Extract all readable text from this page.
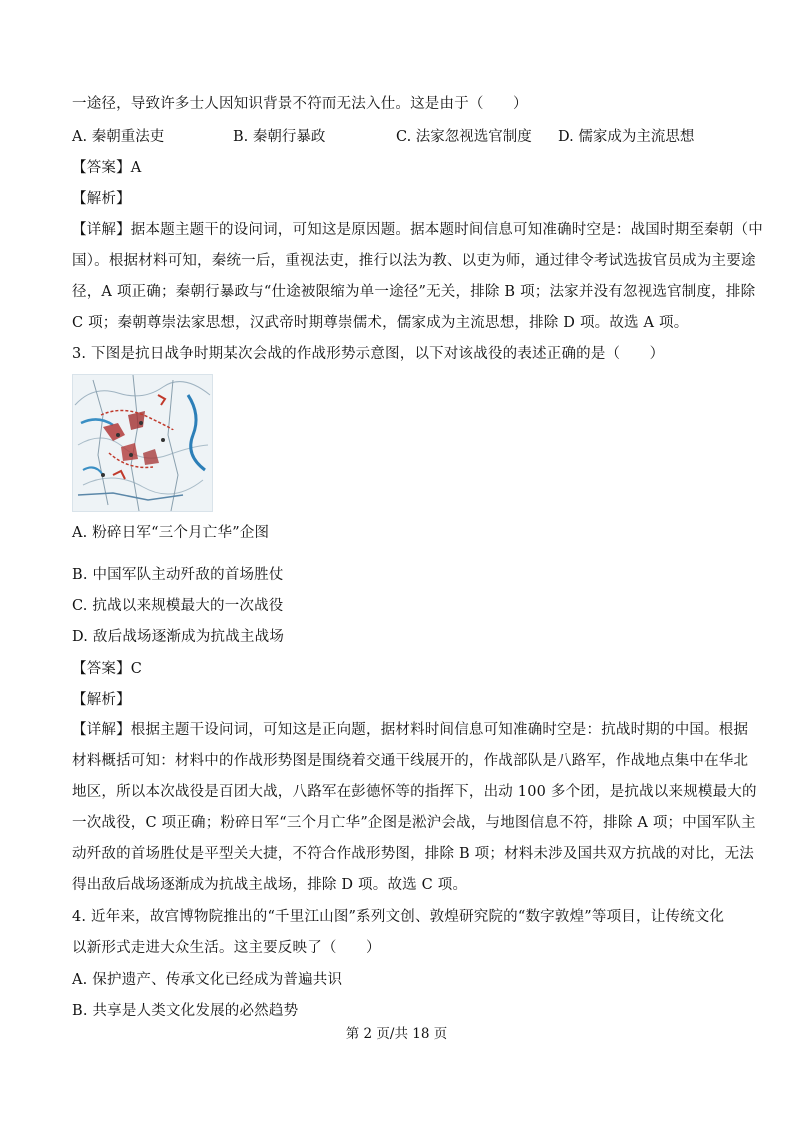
一途径，导致许多士人因知识背景不符而无法入仕。这是由于（　　）

A. 秦朝重法吏	B. 秦朝行暴政	C. 法家忽视选官制度 D. 儒家成为主流思想

【答案】A

【解析】

【详解】据本题主题干的设问词，可知这是原因题。据本题时间信息可知准确时空是：战国时期至秦朝（中

国）。根据材料可知，秦统一后，重视法吏，推行以法为教、以吏为师，通过律令考试选拔官员成为主要途

径，A 项正确；秦朝行暴政与“仕途被限缩为单一途径”无关，排除 B 项；法家并没有忽视选官制度，排除

C 项；秦朝尊崇法家思想，汉武帝时期尊崇儒术，儒家成为主流思想，排除 D 项。故选 A 项。

3. 下图是抗日战争时期某次会战的作战形势示意图，以下对该战役的表述正确的是（　　）

A. 粉碎日军“三个月亡华”企图

B. 中国军队主动歼敌的首场胜仗

C. 抗战以来规模最大的一次战役

D. 敌后战场逐渐成为抗战主战场

【答案】C

【解析】

【详解】根据主题干设问词，可知这是正向题，据材料时间信息可知准确时空是：抗战时期的中国。根据

材料概括可知：材料中的作战形势图是围绕着交通干线展开的，作战部队是八路军，作战地点集中在华北

地区，所以本次战役是百团大战，八路军在彭德怀等的指挥下，出动 100 多个团，是抗战以来规模最大的

一次战役，C 项正确；粉碎日军“三个月亡华”企图是淞沪会战，与地图信息不符，排除 A 项；中国军队主

动歼敌的首场胜仗是平型关大捷，不符合作战形势图，排除 B 项；材料未涉及国共双方抗战的对比，无法

得出敌后战场逐渐成为抗战主战场，排除 D 项。故选 C 项。

4. 近年来，故宫博物院推出的“千里江山图”系列文创、敦煌研究院的“数字敦煌”等项目，让传统文化

以新形式走进大众生活。这主要反映了（　　）

A. 保护遗产、传承文化已经成为普遍共识

B. 共享是人类文化发展的必然趋势

第 2 页/共 18 页
